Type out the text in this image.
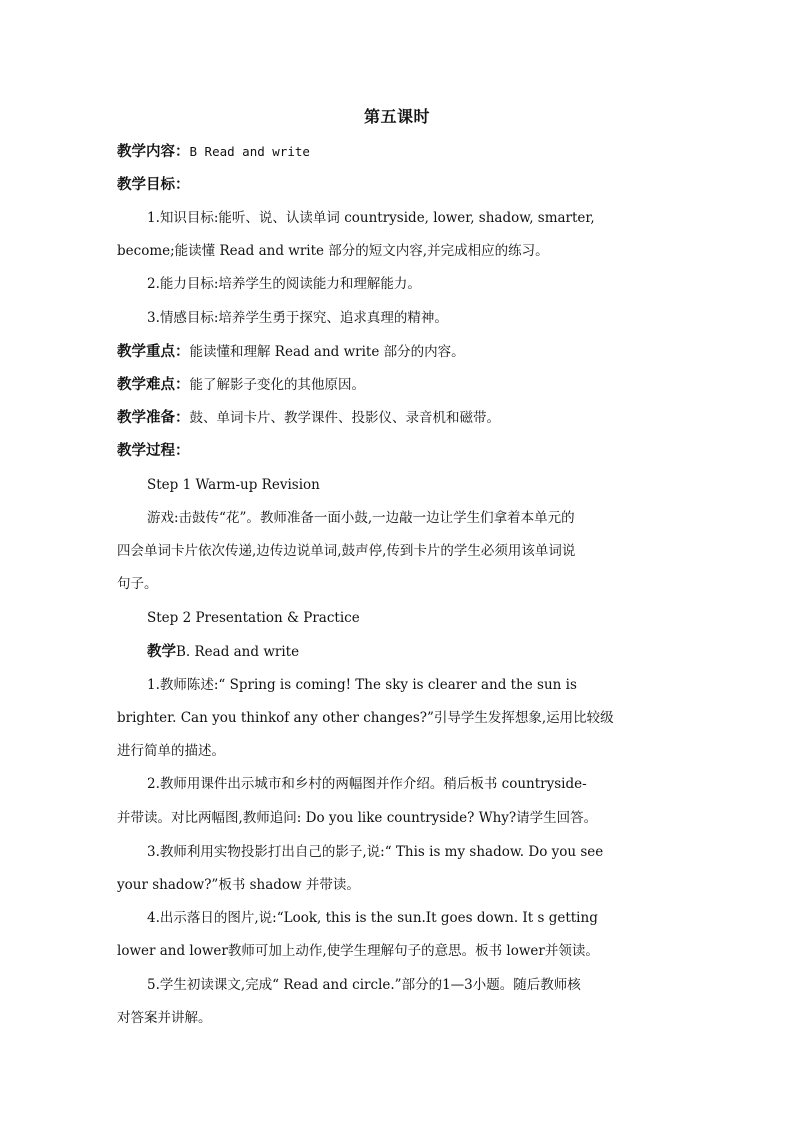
第五课时
教学内容：B Read and write
教学目标：
1.知识目标:能听、说、认读单词 countryside, lower, shadow, smarter,
become;能读懂 Read and write 部分的短文内容,并完成相应的练习。
2.能力目标:培养学生的阅读能力和理解能力。
3.情感目标:培养学生勇于探究、追求真理的精神。
教学重点：能读懂和理解 Read and write 部分的内容。
教学难点：能了解影子变化的其他原因。
教学准备：鼓、单词卡片、教学课件、投影仪、录音机和磁带。
教学过程：
Step 1 Warm-up Revision
游戏:击鼓传“花”。教师准备一面小鼓,一边敲一边让学生们拿着本单元的
四会单词卡片依次传递,边传边说单词,鼓声停,传到卡片的学生必须用该单词说
句子。
Step 2 Presentation & Practice
教学B. Read and write
1.教师陈述:“ Spring is coming! The sky is clearer and the sun is
brighter. Can you thinkof any other changes?”引导学生发挥想象,运用比较级
进行简单的描述。
2.教师用课件出示城市和乡村的两幅图并作介绍。稍后板书 countryside-
并带读。对比两幅图,教师追问: Do you like countryside? Why?请学生回答。
3.教师利用实物投影打出自己的影子,说:“ This is my shadow. Do you see
your shadow?”板书 shadow 并带读。
4.出示落日的图片,说:“Look, this is the sun.It goes down. It s getting
lower and lower教师可加上动作,使学生理解句子的意思。板书 lower并领读。
5.学生初读课文,完成“ Read and circle.”部分的1—3小题。随后教师核
对答案并讲解。
